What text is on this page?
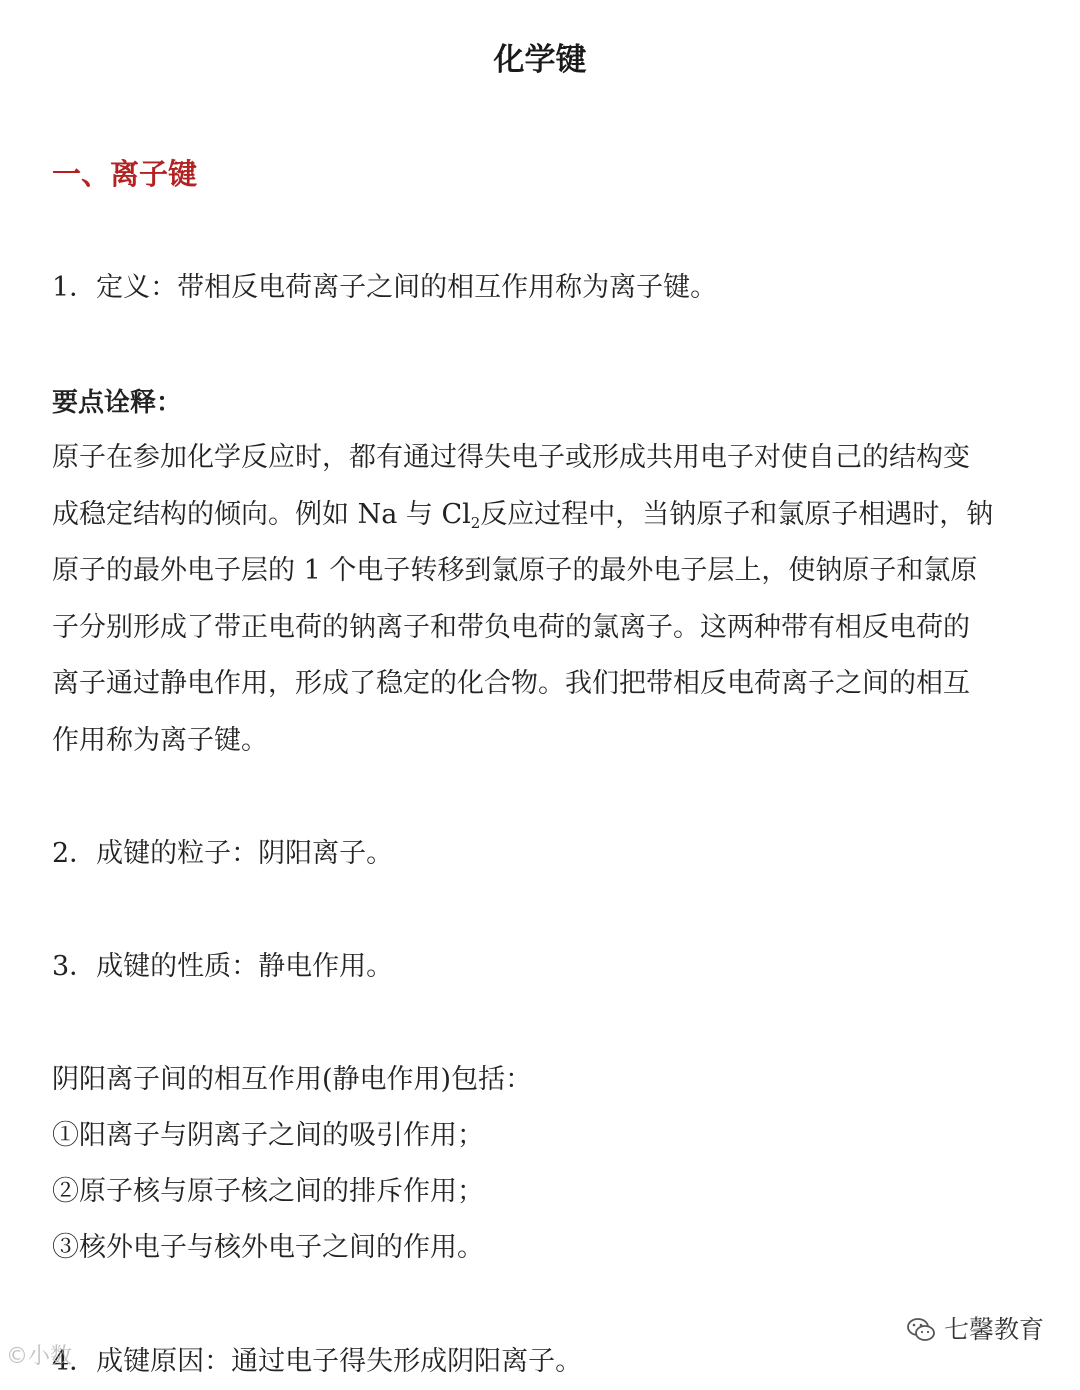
化学键
一、离子键
1．定义：带相反电荷离子之间的相互作用称为离子键。
要点诠释：
原子在参加化学反应时，都有通过得失电子或形成共用电子对使自己的结构变
成稳定结构的倾向。例如 Na 与 $Cl_2$反应过程中，当钠原子和氯原子相遇时，钠
原子的最外电子层的 1 个电子转移到氯原子的最外电子层上，使钠原子和氯原
子分别形成了带正电荷的钠离子和带负电荷的氯离子。这两种带有相反电荷的
离子通过静电作用，形成了稳定的化合物。我们把带相反电荷离子之间的相互
作用称为离子键。
2．成键的粒子：阴阳离子。
3．成键的性质：静电作用。
阴阳离子间的相互作用(静电作用)包括：
①阳离子与阴离子之间的吸引作用；
②原子核与原子核之间的排斥作用；
③核外电子与核外电子之间的作用。
4．成键原因：通过电子得失形成阴阳离子。
©小数
七馨教育
